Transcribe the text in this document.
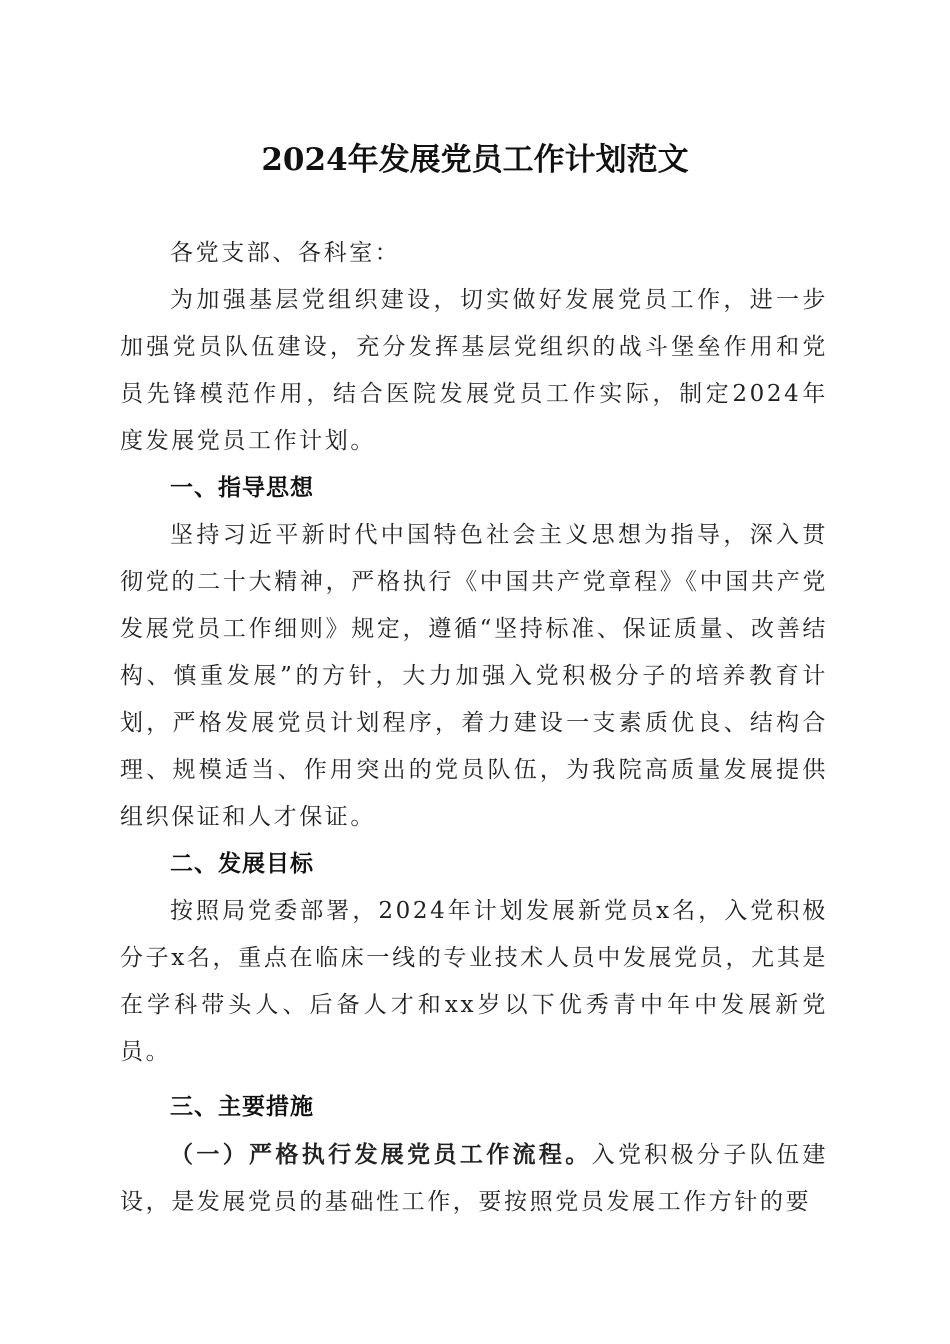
2024年发展党员工作计划范文

各党支部、各科室：

为加强基层党组织建设，切实做好发展党员工作，进一步加强党员队伍建设，充分发挥基层党组织的战斗堡垒作用和党员先锋模范作用，结合医院发展党员工作实际，制定2024年度发展党员工作计划。

一、指导思想

坚持习近平新时代中国特色社会主义思想为指导，深入贯彻党的二十大精神，严格执行《中国共产党章程》《中国共产党发展党员工作细则》规定，遵循“坚持标准、保证质量、改善结构、慎重发展”的方针，大力加强入党积极分子的培养教育计划，严格发展党员计划程序，着力建设一支素质优良、结构合理、规模适当、作用突出的党员队伍，为我院高质量发展提供组织保证和人才保证。

二、发展目标

按照局党委部署，2024年计划发展新党员x名，入党积极分子x名，重点在临床一线的专业技术人员中发展党员，尤其是在学科带头人、后备人才和xx岁以下优秀青中年中发展新党员。

三、主要措施

（一）严格执行发展党员工作流程。入党积极分子队伍建设，是发展党员的基础性工作，要按照党员发展工作方针的要
